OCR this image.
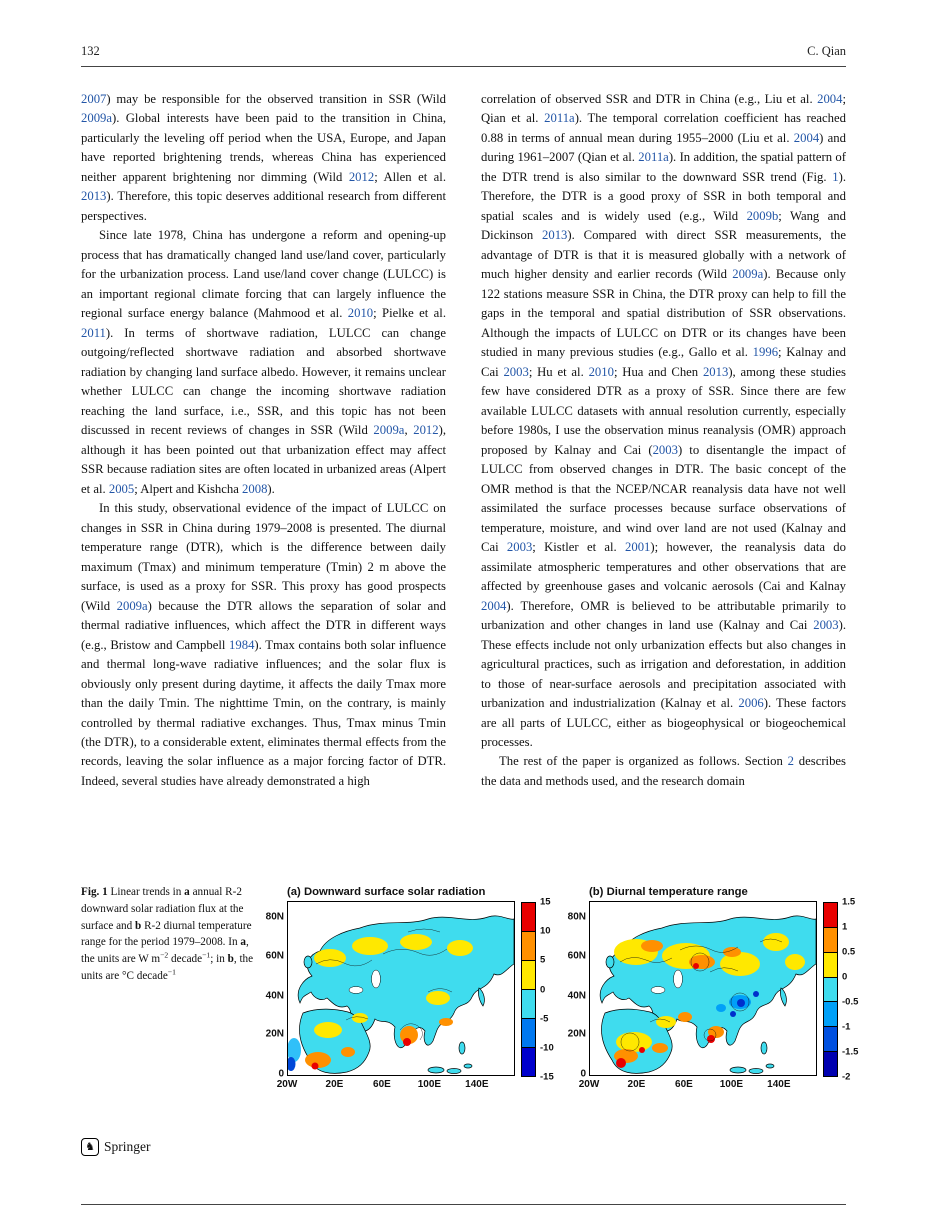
132	C. Qian

2007) may be responsible for the observed transition in SSR (Wild 2009a). Global interests have been paid to the transition in China, particularly the leveling off period when the USA, Europe, and Japan have reported brightening trends, whereas China has experienced neither apparent brightening nor dimming (Wild 2012; Allen et al. 2013). Therefore, this topic deserves additional research from different perspectives.

Since late 1978, China has undergone a reform and opening-up process that has dramatically changed land use/land cover, particularly for the urbanization process. Land use/land cover change (LULCC) is an important regional climate forcing that can largely influence the regional surface energy balance (Mahmood et al. 2010; Pielke et al. 2011). In terms of shortwave radiation, LULCC can change outgoing/reflected shortwave radiation and absorbed shortwave radiation by changing land surface albedo. However, it remains unclear whether LULCC can change the incoming shortwave radiation reaching the land surface, i.e., SSR, and this topic has not been discussed in recent reviews of changes in SSR (Wild 2009a, 2012), although it has been pointed out that urbanization effect may affect SSR because radiation sites are often located in urbanized areas (Alpert et al. 2005; Alpert and Kishcha 2008).

In this study, observational evidence of the impact of LULCC on changes in SSR in China during 1979–2008 is presented. The diurnal temperature range (DTR), which is the difference between daily maximum (Tmax) and minimum temperature (Tmin) 2 m above the surface, is used as a proxy for SSR. This proxy has good prospects (Wild 2009a) because the DTR allows the separation of solar and thermal radiative influences, which affect the DTR in different ways (e.g., Bristow and Campbell 1984). Tmax contains both solar influence and thermal long-wave radiative influences; and the solar flux is obviously only present during daytime, it affects the daily Tmax more than the daily Tmin. The nighttime Tmin, on the contrary, is mainly controlled by thermal radiative exchanges. Thus, Tmax minus Tmin (the DTR), to a considerable extent, eliminates thermal effects from the records, leaving the solar influence as a major forcing factor of DTR. Indeed, several studies have already demonstrated a high

correlation of observed SSR and DTR in China (e.g., Liu et al. 2004; Qian et al. 2011a). The temporal correlation coefficient has reached 0.88 in terms of annual mean during 1955–2000 (Liu et al. 2004) and during 1961–2007 (Qian et al. 2011a). In addition, the spatial pattern of the DTR trend is also similar to the downward SSR trend (Fig. 1). Therefore, the DTR is a good proxy of SSR in both temporal and spatial scales and is widely used (e.g., Wild 2009b; Wang and Dickinson 2013). Compared with direct SSR measurements, the advantage of DTR is that it is measured globally with a network of much higher density and earlier records (Wild 2009a). Because only 122 stations measure SSR in China, the DTR proxy can help to fill the gaps in the temporal and spatial distribution of SSR observations. Although the impacts of LULCC on DTR or its changes have been studied in many previous studies (e.g., Gallo et al. 1996; Kalnay and Cai 2003; Hu et al. 2010; Hua and Chen 2013), among these studies few have considered DTR as a proxy of SSR. Since there are few available LULCC datasets with annual resolution currently, especially before 1980s, I use the observation minus reanalysis (OMR) approach proposed by Kalnay and Cai (2003) to disentangle the impact of LULCC from observed changes in DTR. The basic concept of the OMR method is that the NCEP/NCAR reanalysis data have not well assimilated the surface processes because surface observations of temperature, moisture, and wind over land are not used (Kalnay and Cai 2003; Kistler et al. 2001); however, the reanalysis data do assimilate atmospheric temperatures and other observations that are affected by greenhouse gases and volcanic aerosols (Cai and Kalnay 2004). Therefore, OMR is believed to be attributable primarily to urbanization and other changes in land use (Kalnay and Cai 2003). These effects include not only urbanization effects but also changes in agricultural practices, such as irrigation and deforestation, in addition to those of near-surface aerosols and precipitation associated with urbanization and industrialization (Kalnay et al. 2006). These factors are all parts of LULCC, either as biogeophysical or biogeochemical processes.

The rest of the paper is organized as follows. Section 2 describes the data and methods used, and the research domain

Fig. 1 Linear trends in a annual R-2 downward solar radiation flux at the surface and b R-2 diurnal temperature range for the period 1979–2008. In a, the units are W $m^{-2}$ decade$^{-1}$; in b, the units are °C decade$^{-1}$
(a) Downward surface solar radiation
80N
60N
40N
20N
0
15
10
5
0
-5
-10
-15
20W	20E	60E	100E 140E
(b) Diurnal temperature range
80N
60N
40N
20N
0
1.5
1
0.5
0
-0.5
-1
-1.5
-2
20W	20E	60E	100E 140E
♞ Springer
